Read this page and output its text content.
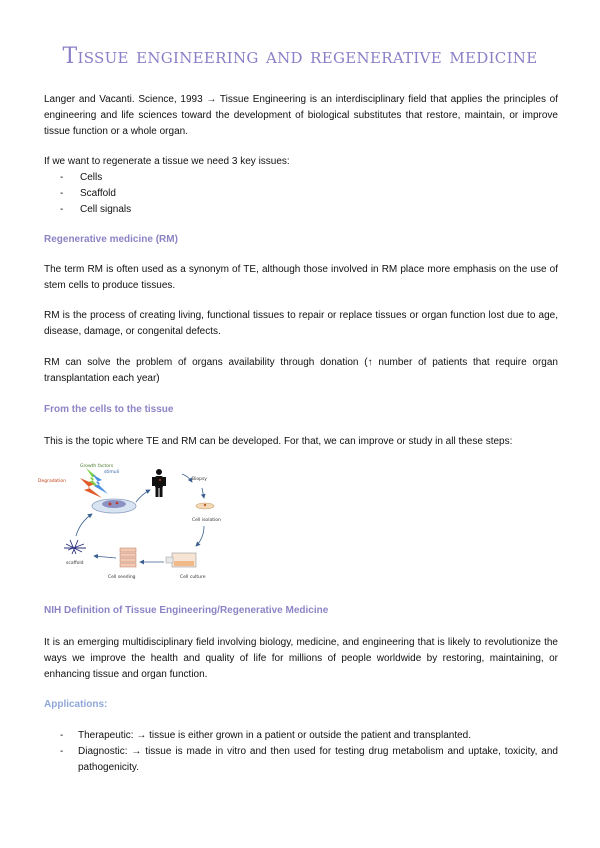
Tissue engineering and regenerative medicine

Langer and Vacanti. Science, 1993 → Tissue Engineering is an interdisciplinary field that applies the principles of engineering and life sciences toward the development of biological substitutes that restore, maintain, or improve tissue function or a whole organ.

If we want to regenerate a tissue we need 3 key issues:

- Cells
- Scaffold
- Cell signals
Regenerative medicine (RM)

The term RM is often used as a synonym of TE, although those involved in RM place more emphasis on the use of stem cells to produce tissues.

RM is the process of creating living, functional tissues to repair or replace tissues or organ function lost due to age, disease, damage, or congenital defects.

RM can solve the problem of organs availability through donation (↑ number of patients that require organ transplantation each year)

From the cells to the tissue

This is the topic where TE and RM can be developed. For that, we can improve or study in all these steps:

Growth factors
stimuli
Degradation	Biopsy
Cell isolation
Cell culture
Cell seeding
scaffold
NIH Definition of Tissue Engineering/Regenerative Medicine

It is an emerging multidisciplinary field involving biology, medicine, and engineering that is likely to revolutionize the ways we improve the health and quality of life for millions of people worldwide by restoring, maintaining, or enhancing tissue and organ function.

Applications:
- Therapeutic: → tissue is either grown in a patient or outside the patient and transplanted.
- Diagnostic: → tissue is made in vitro and then used for testing drug metabolism and uptake, toxicity, and pathogenicity.
